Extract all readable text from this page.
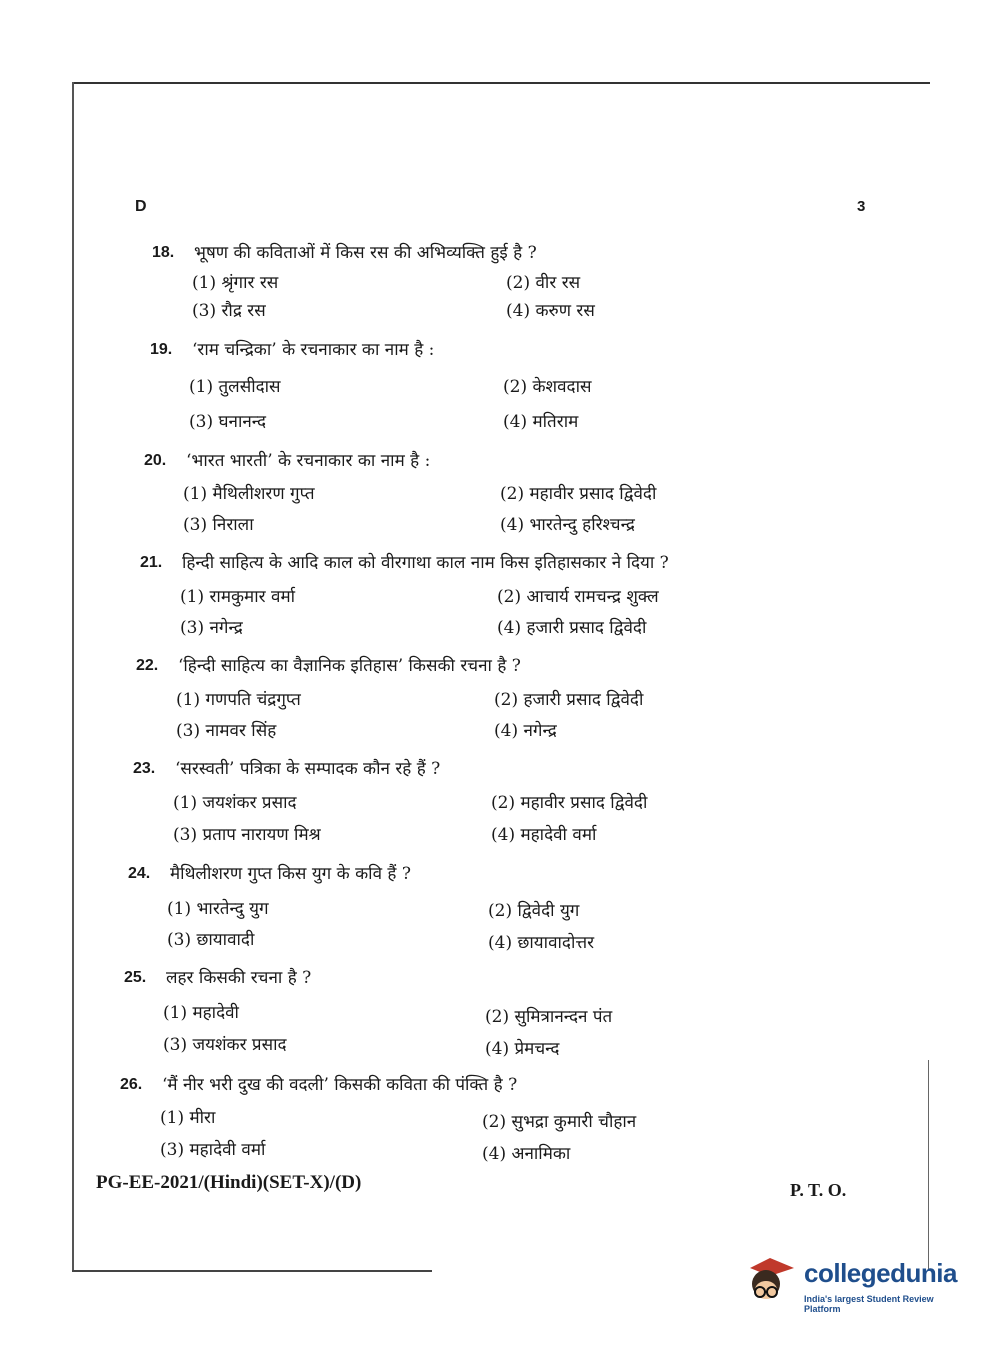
D	3
18. भूषण की कविताओं में किस रस की अभिव्यक्ति हुई है ?
(1) श्रृंगार रस	(2) वीर रस
(3) रौद्र रस	(4) करुण रस
19. ‘राम चन्द्रिका’ के रचनाकार का नाम है :
(1) तुलसीदास	(2) केशवदास
(3) घनानन्द	(4) मतिराम
20. ‘भारत भारती’ के रचनाकार का नाम है :
(1) मैथिलीशरण गुप्त	(2) महावीर प्रसाद द्विवेदी
(3) निराला	(4) भारतेन्दु हरिश्चन्द्र
21. हिन्दी साहित्य के आदि काल को वीरगाथा काल नाम किस इतिहासकार ने दिया ?
(1) रामकुमार वर्मा	(2) आचार्य रामचन्द्र शुक्ल
(3) नगेन्द्र	(4) हजारी प्रसाद द्विवेदी
22. ‘हिन्दी साहित्य का वैज्ञानिक इतिहास’ किसकी रचना है ?
(1) गणपति चंद्रगुप्त	(2) हजारी प्रसाद द्विवेदी
(3) नामवर सिंह	(4) नगेन्द्र
23. ‘सरस्वती’ पत्रिका के सम्पादक कौन रहे हैं ?
(1) जयशंकर प्रसाद	(2) महावीर प्रसाद द्विवेदी
(3) प्रताप नारायण मिश्र	(4) महादेवी वर्मा
24. मैथिलीशरण गुप्त किस युग के कवि हैं ?
(1) भारतेन्दु युग	(2) द्विवेदी युग
(3) छायावादी	(4) छायावादोत्तर
25. लहर किसकी रचना है ?
(1) महादेवी	(2) सुमित्रानन्दन पंत
(3) जयशंकर प्रसाद	(4) प्रेमचन्द
26. ‘मैं नीर भरी दुख की वदली’ किसकी कविता की पंक्ति है ?
(1) मीरा	(2) सुभद्रा कुमारी चौहान
(3) महादेवी वर्मा	(4) अनामिका
PG-EE-2021/(Hindi)(SET-X)/(D)	P. T. O.
collegedunia
India's largest Student Review Platform
